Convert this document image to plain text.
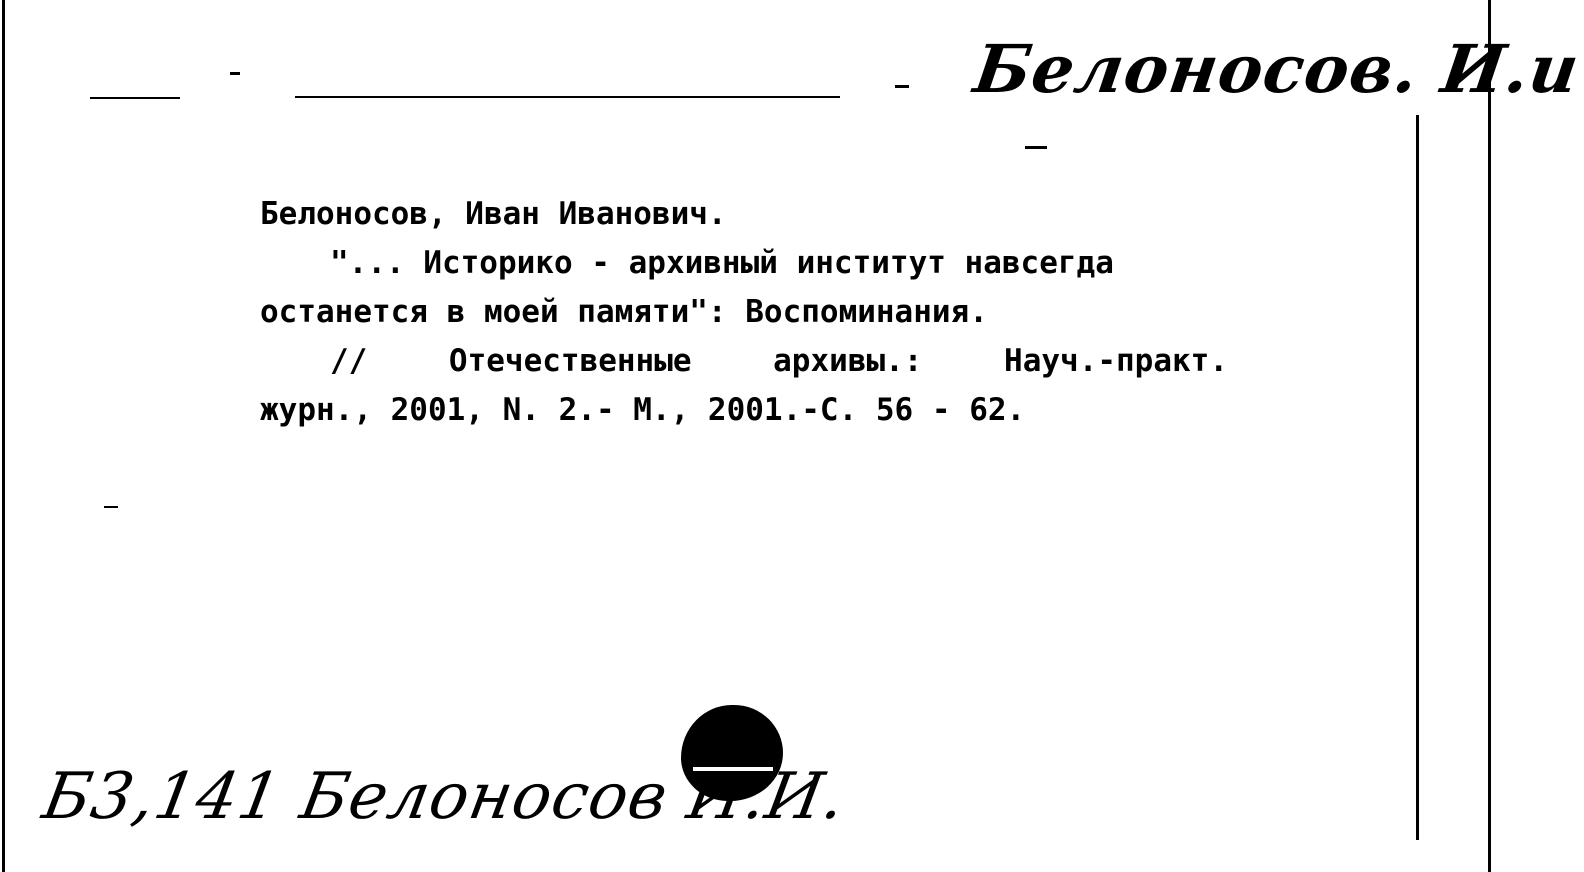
Белоносов. И.и
Белоносов, Иван Иванович.
"... Историко - архивный институт навсегда
останется в моей памяти": Воспоминания.
// Отечественные архивы.: Науч.-практ.
журн., 2001, N. 2.- М., 2001.-С. 56 - 62.
Б3,141 Белоносов И.И.
